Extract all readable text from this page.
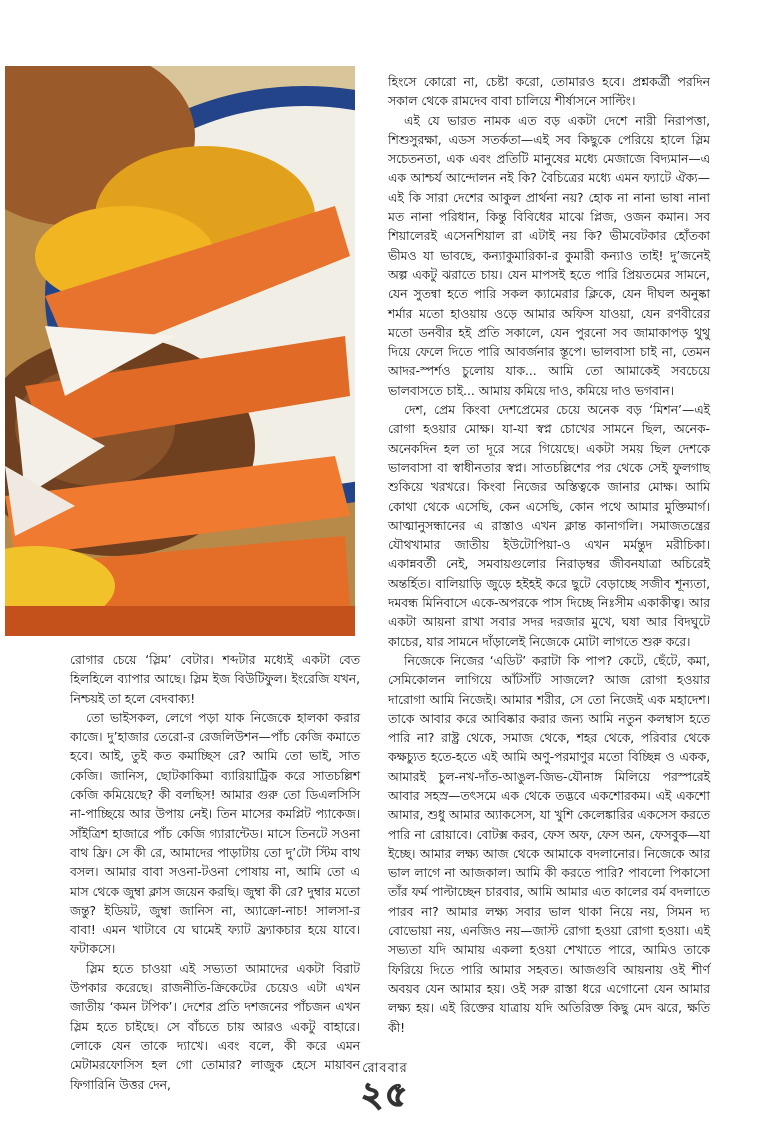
রোগার চেয়ে ‘স্লিম’ বেটার। শব্দটার মধ্যেই একটা বেত হিলহিলে ব্যাপার আছে। স্লিম ইজ বিউটিফুল। ইংরেজি যখন, নিশ্চয়ই তা হলে বেদবাক্য!

তো ভাইসকল, লেগে পড়া যাক নিজেকে হালকা করার কাজে। দু’হাজার তেরো-র রেজলিউশন—পাঁচ কেজি কমাতে হবে। আই, তুই কত কমাচ্ছিস রে? আমি তো ভাই, সাত কেজি। জানিস, ছোটকাকিমা ব্যারিয়াট্রিক করে সাতচল্লিশ কেজি কমিয়েছে? কী বলছিস! আমার গুরু তো ডিএলসিসি না-পাচ্ছিয়ে আর উপায় নেই। তিন মাসের কমপ্লিট প্যাকেজ। সাঁইত্রিশ হাজারে পাঁচ কেজি গ্যারান্টেড। মাসে তিনটে সওনা বাথ ফ্রি। সে কী রে, আমাদের পাড়াটায় তো দু’টো স্টিম বাথ বসল। আমার বাবা সওনা-টওনা পোষায় না, আমি তো এ মাস থেকে জুম্বা ক্লাস জয়েন করছি। জুম্বা কী রে? দুম্বার মতো জন্তু? ইডিয়ট, জুম্বা জানিস না, অ্যাক্রো-নাচ! সালসা-র বাবা! এমন খাটাবে যে ঘামেই ফ্যাট ফ্র্যাকচার হয়ে যাবে। ফটাকসে।

স্লিম হতে চাওয়া এই সভ্যতা আমাদের একটা বিরাট উপকার করেছে। রাজনীতি-ক্রিকেটের চেয়েও এটা এখন জাতীয় ‘কমন টপিক’। দেশের প্রতি দশজনের পাঁচজন এখন স্লিম হতে চাইছে। সে বাঁচতে চায় আরও একটু বাহারে। লোকে যেন তাকে দ্যাখে। এবং বলে, কী করে এমন মেটামরফোসিস হল গো তোমার? লাজুক হেসে মায়াবন ফিগারিনি উত্তর দেন,

হিংসে কোরো না, চেষ্টা করো, তোমারও হবে। প্রশ্নকর্ত্রী পরদিন সকাল থেকে রামদেব বাবা চালিয়ে শীর্ষাসনে সাল্টিং।

এই যে ভারত নামক এত বড় একটা দেশে নারী নিরাপত্তা, শিশুসুরক্ষা, এডস সতর্কতা—এই সব কিছুকে পেরিয়ে হালে স্লিম সচেতনতা, এক এবং প্রতিটি মানুষের মধ্যে মেজাজে বিদ্যমান—এ এক আশ্চর্য আন্দোলন নই কি? বৈচিত্রের মধ্যে এমন ফ্যাটে ঐক্য—এই কি সারা দেশের আকুল প্রার্থনা নয়? হোক না নানা ভাষা নানা মত নানা পরিধান, কিন্তু বিবিধের মাঝে প্লিজ, ওজন কমান। সব শিয়ালেরই এসেনশিয়াল রা এটাই নয় কি? ভীমবেটকার হোঁতকা ভীমও যা ভাবছে, কন্যাকুমারিকা-র কুমারী কন্যাও তাই! দু’জনেই অল্প একটু ঝরাতে চায়। যেন মাপসই হতে পারি প্রিয়তমের সামনে, যেন সুতন্বা হতে পারি সকল ক্যামেরার ক্লিকে, যেন দীঘল অনুষ্কা শর্মার মতো হাওয়ায় ওড়ে আমার অফিস যাওয়া, যেন রণবীরের মতো ডনবীর হই প্রতি সকালে, যেন পুরনো সব জামাকাপড় থুথু দিয়ে ফেলে দিতে পারি আবর্জনার স্তূপে। ভালবাসা চাই না, তেমন আদর-স্পর্শও চুলোয় যাক... আমি তো আমাকেই সবচেয়ে ভালবাসতে চাই... আমায় কমিয়ে দাও, কমিয়ে দাও ভগবান।

দেশ, প্রেম কিংবা দেশপ্রেমের চেয়ে অনেক বড় ‘মিশন’—এই রোগা হওয়ার মোক্ষ। যা-যা স্বপ্ন চোখের সামনে ছিল, অনেক-অনেকদিন হল তা দূরে সরে গিয়েছে। একটা সময় ছিল দেশকে ভালবাসা বা স্বাধীনতার স্বপ্ন। সাতচল্লিশের পর থেকে সেই ফুলগাছ শুকিয়ে খরখরে। কিংবা নিজের অস্তিত্বকে জানার মোক্ষ। আমি কোথা থেকে এসেছি, কেন এসেছি, কোন পথে আমার মুক্তিমার্গ। আত্মানুসন্ধানের এ রাস্তাও এখন ক্লান্ত কানাগলি। সমাজতন্ত্রের যৌথখামার জাতীয় ইউটোপিয়া-ও এখন মর্মন্তুদ মরীচিকা। একান্নবর্তী নেই, সমবায়গুলোর নিরাড়ম্বর জীবনযাত্রা অচিরেই অন্তর্হিত। বালিয়াড়ি জুড়ে হইহই করে ছুটে বেড়াচ্ছে সজীব শূন্যতা, দমবন্ধ মিনিবাসে একে-অপরকে পাস দিচ্ছে নিঃসীম একাকীত্ব। আর একটা আয়না রাখা সবার সদর দরজার মুখে, ঘষা আর বিদঘুটে কাচের, যার সামনে দাঁড়ালেই নিজেকে মোটা লাগতে শুরু করে।

নিজেকে নিজের ‘এডিট’ করাটা কি পাপ? কেটে, ছেঁটে, কমা, সেমিকোলন লাগিয়ে আঁটসাঁট সাজলে? আজ রোগা হওয়ার দারোগা আমি নিজেই। আমার শরীর, সে তো নিজেই এক মহাদেশ। তাকে আবার করে আবিষ্কার করার জন্য আমি নতুন কলম্বাস হতে পারি না? রাষ্ট্র থেকে, সমাজ থেকে, শহর থেকে, পরিবার থেকে কক্ষচ্যুত হতে-হতে এই আমি অণু-পরমাণুর মতো বিচ্ছিন্ন ও একক, আমারই চুল-নখ-দাঁত-আঙুল-জিভ-যৌনাঙ্গ মিলিয়ে পরস্পরেই আবার সহস্র—তৎসমে এক থেকে তদ্ভবে একশোরকম। এই একশো আমার, শুধু আমার অ্যাকসেস, যা খুশি কেলেঙ্কারির একসেস করতে পারি না রোয়াবে। বোটক্স করব, ফেস অফ, ফেস অন, ফেসবুক—যা ইচ্ছে। আমার লক্ষ্য আজ থেকে আমাকে বদলানোর। নিজেকে আর ভাল লাগে না আজকাল। আমি কী করতে পারি? পাবলো পিকাসো তাঁর ফর্ম পাল্টাচ্ছেন চারবার, আমি আমার এত কালের বর্ম বদলাতে পারব না? আমার লক্ষ্য সবার ভাল থাকা নিয়ে নয়, সিমন দ্য বোভোয়া নয়, এনজিও নয়—জাস্ট রোগা হওয়া রোগা হওয়া। এই সভ্যতা যদি আমায় একলা হওয়া শেখাতে পারে, আমিও তাকে ফিরিয়ে দিতে পারি আমার সহবত। আজগুবি আয়নায় ওই শীর্ণ অবয়ব যেন আমার হয়। ওই সরু রাস্তা ধরে এগোনো যেন আমার লক্ষ্য হয়। এই রিক্তের যাত্রায় যদি অতিরিক্ত কিছু মেদ ঝরে, ক্ষতি কী!

রোববার
২৫
